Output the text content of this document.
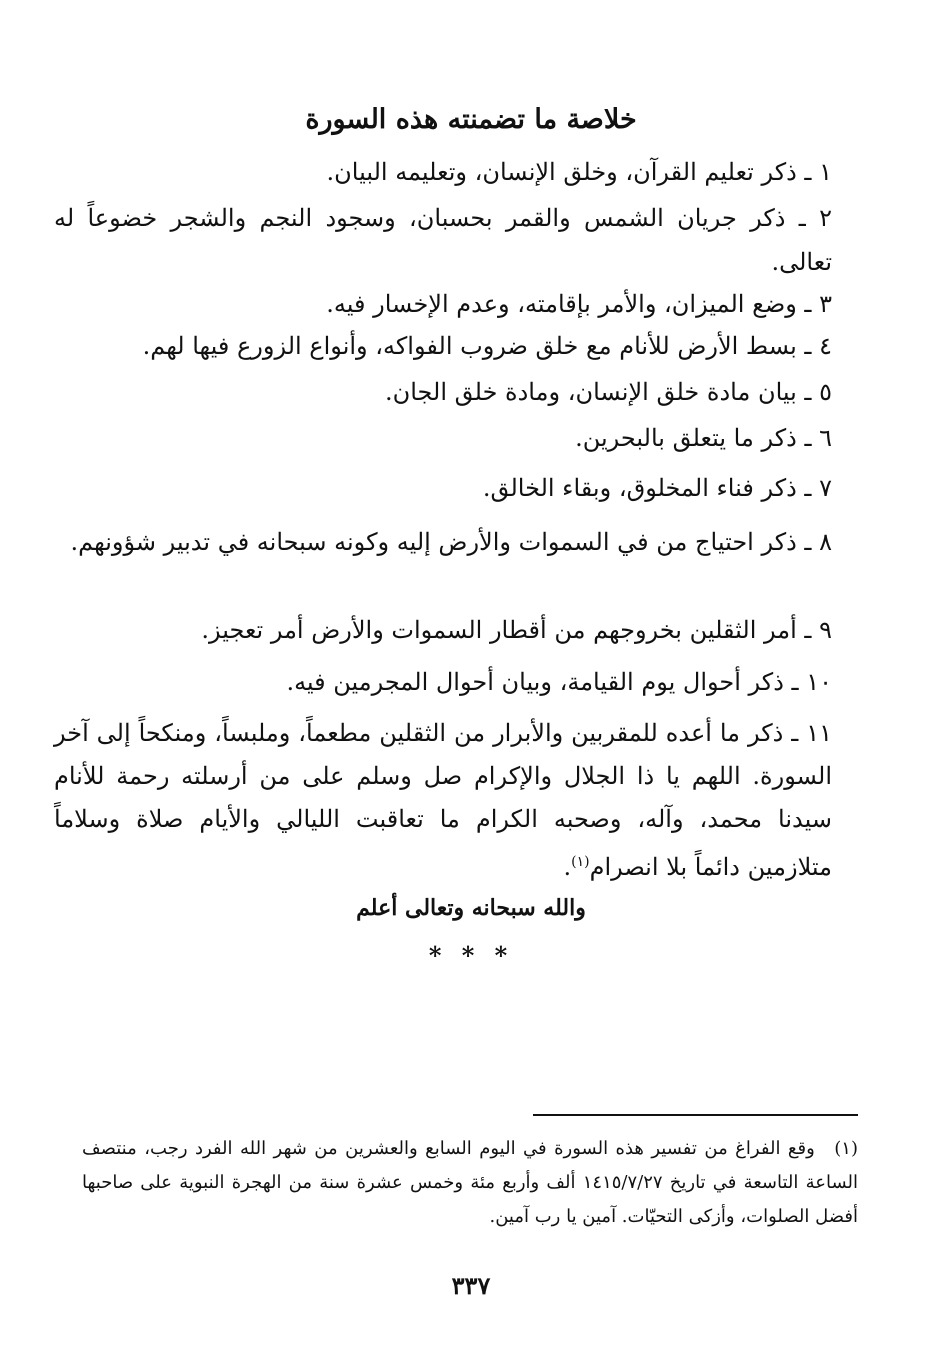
خلاصة ما تضمنته هذه السورة
١ ـ ذكر تعليم القرآن، وخلق الإنسان، وتعليمه البيان.
٢ ـ ذكر جريان الشمس والقمر بحسبان، وسجود النجم والشجر خضوعاً له تعالى.
٣ ـ وضع الميزان، والأمر بإقامته، وعدم الإخسار فيه.
٤ ـ بسط الأرض للأنام مع خلق ضروب الفواكه، وأنواع الزورع فيها لهم.
٥ ـ بيان مادة خلق الإنسان، ومادة خلق الجان.
٦ ـ ذكر ما يتعلق بالبحرين.
٧ ـ ذكر فناء المخلوق، وبقاء الخالق.
٨ ـ ذكر احتياج من في السموات والأرض إليه وكونه سبحانه في تدبير شؤونهم.
٩ ـ أمر الثقلين بخروجهم من أقطار السموات والأرض أمر تعجيز.
١٠ ـ ذكر أحوال يوم القيامة، وبيان أحوال المجرمين فيه.
١١ ـ ذكر ما أعده للمقربين والأبرار من الثقلين مطعماً، وملبساً، ومنكحاً إلى آخر السورة. اللهم يا ذا الجلال والإكرام صل وسلم على من أرسلته رحمة للأنام سيدنا محمد، وآله، وصحبه الكرام ما تعاقبت الليالي والأيام صلاة وسلاماً متلازمين دائماً بلا انصرام$^{(١)}$.
والله سبحانه وتعالى أعلم
* * *
(١) وقع الفراغ من تفسير هذه السورة في اليوم السابع والعشرين من شهر الله الفرد رجب، منتصف الساعة التاسعة في تاريخ ١٤١٥/٧/٢٧ ألف وأربع مئة وخمس عشرة سنة من الهجرة النبوية على صاحبها أفضل الصلوات، وأزكى التحيّات. آمين يا رب آمين.
٣٣٧
